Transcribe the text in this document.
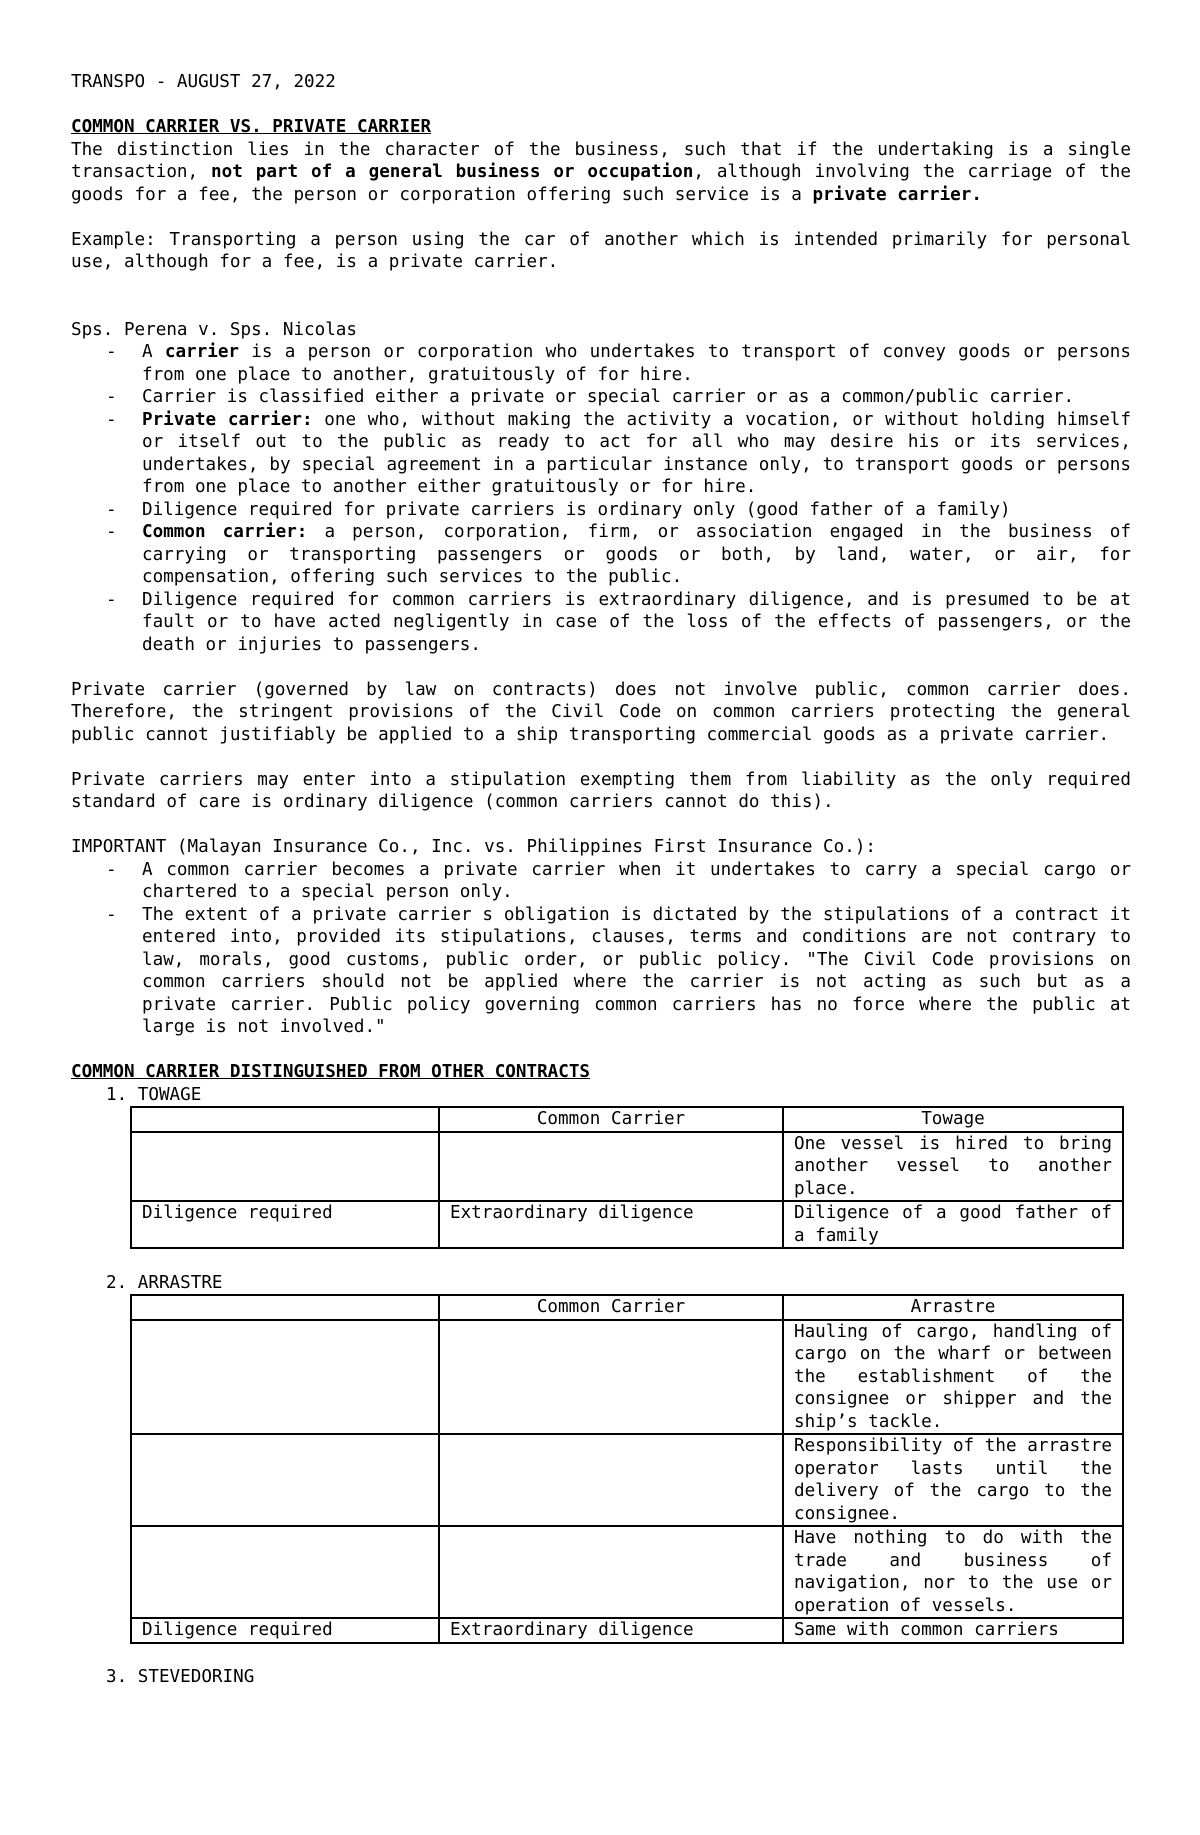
TRANSPO - AUGUST 27, 2022

COMMON CARRIER VS. PRIVATE CARRIER

The distinction lies in the character of the business, such that if the undertaking is a single transaction, not part of a general business or occupation, although involving the carriage of the goods for a fee, the person or corporation offering such service is a private carrier.

Example: Transporting a person using the car of another which is intended primarily for personal use, although for a fee, is a private carrier.

Sps. Perena v. Sps. Nicolas

- A carrier is a person or corporation who undertakes to transport of convey goods or persons from one place to another, gratuitously of for hire.
- Carrier is classified either a private or special carrier or as a common/public carrier.
- Private carrier: one who, without making the activity a vocation, or without holding himself or itself out to the public as ready to act for all who may desire his or its services, undertakes, by special agreement in a particular instance only, to transport goods or persons from one place to another either gratuitously or for hire.
- Diligence required for private carriers is ordinary only (good father of a family)
- Common carrier: a person, corporation, firm, or association engaged in the business of carrying or transporting passengers or goods or both, by land, water, or air, for compensation, offering such services to the public.
- Diligence required for common carriers is extraordinary diligence, and is presumed to be at fault or to have acted negligently in case of the loss of the effects of passengers, or the death or injuries to passengers.

Private carrier (governed by law on contracts) does not involve public, common carrier does. Therefore, the stringent provisions of the Civil Code on common carriers protecting the general public cannot justifiably be applied to a ship transporting commercial goods as a private carrier.

Private carriers may enter into a stipulation exempting them from liability as the only required standard of care is ordinary diligence (common carriers cannot do this).

IMPORTANT (Malayan Insurance Co., Inc. vs. Philippines First Insurance Co.):

- A common carrier becomes a private carrier when it undertakes to carry a special cargo or chartered to a special person only.
- The extent of a private carrier s obligation is dictated by the stipulations of a contract it entered into, provided its stipulations, clauses, terms and conditions are not contrary to law, morals, good customs, public order, or public policy. "The Civil Code provisions on common carriers should not be applied where the carrier is not acting as such but as a private carrier. Public policy governing common carriers has no force where the public at large is not involved."

COMMON CARRIER DISTINGUISHED FROM OTHER CONTRACTS

1. TOWAGE

	Common Carrier	Towage
		One vessel is hired to bring another vessel to another place.
Diligence required	Extraordinary diligence	Diligence of a good father of a family

2. ARRASTRE

	Common Carrier	Arrastre
		Hauling of cargo, handling of cargo on the wharf or between the establishment of the consignee or shipper and the ship’s tackle.
		Responsibility of the arrastre operator lasts until the delivery of the cargo to the consignee.
		Have nothing to do with the trade and business of navigation, nor to the use or operation of vessels.
Diligence required	Extraordinary diligence	Same with common carriers

3. STEVEDORING
